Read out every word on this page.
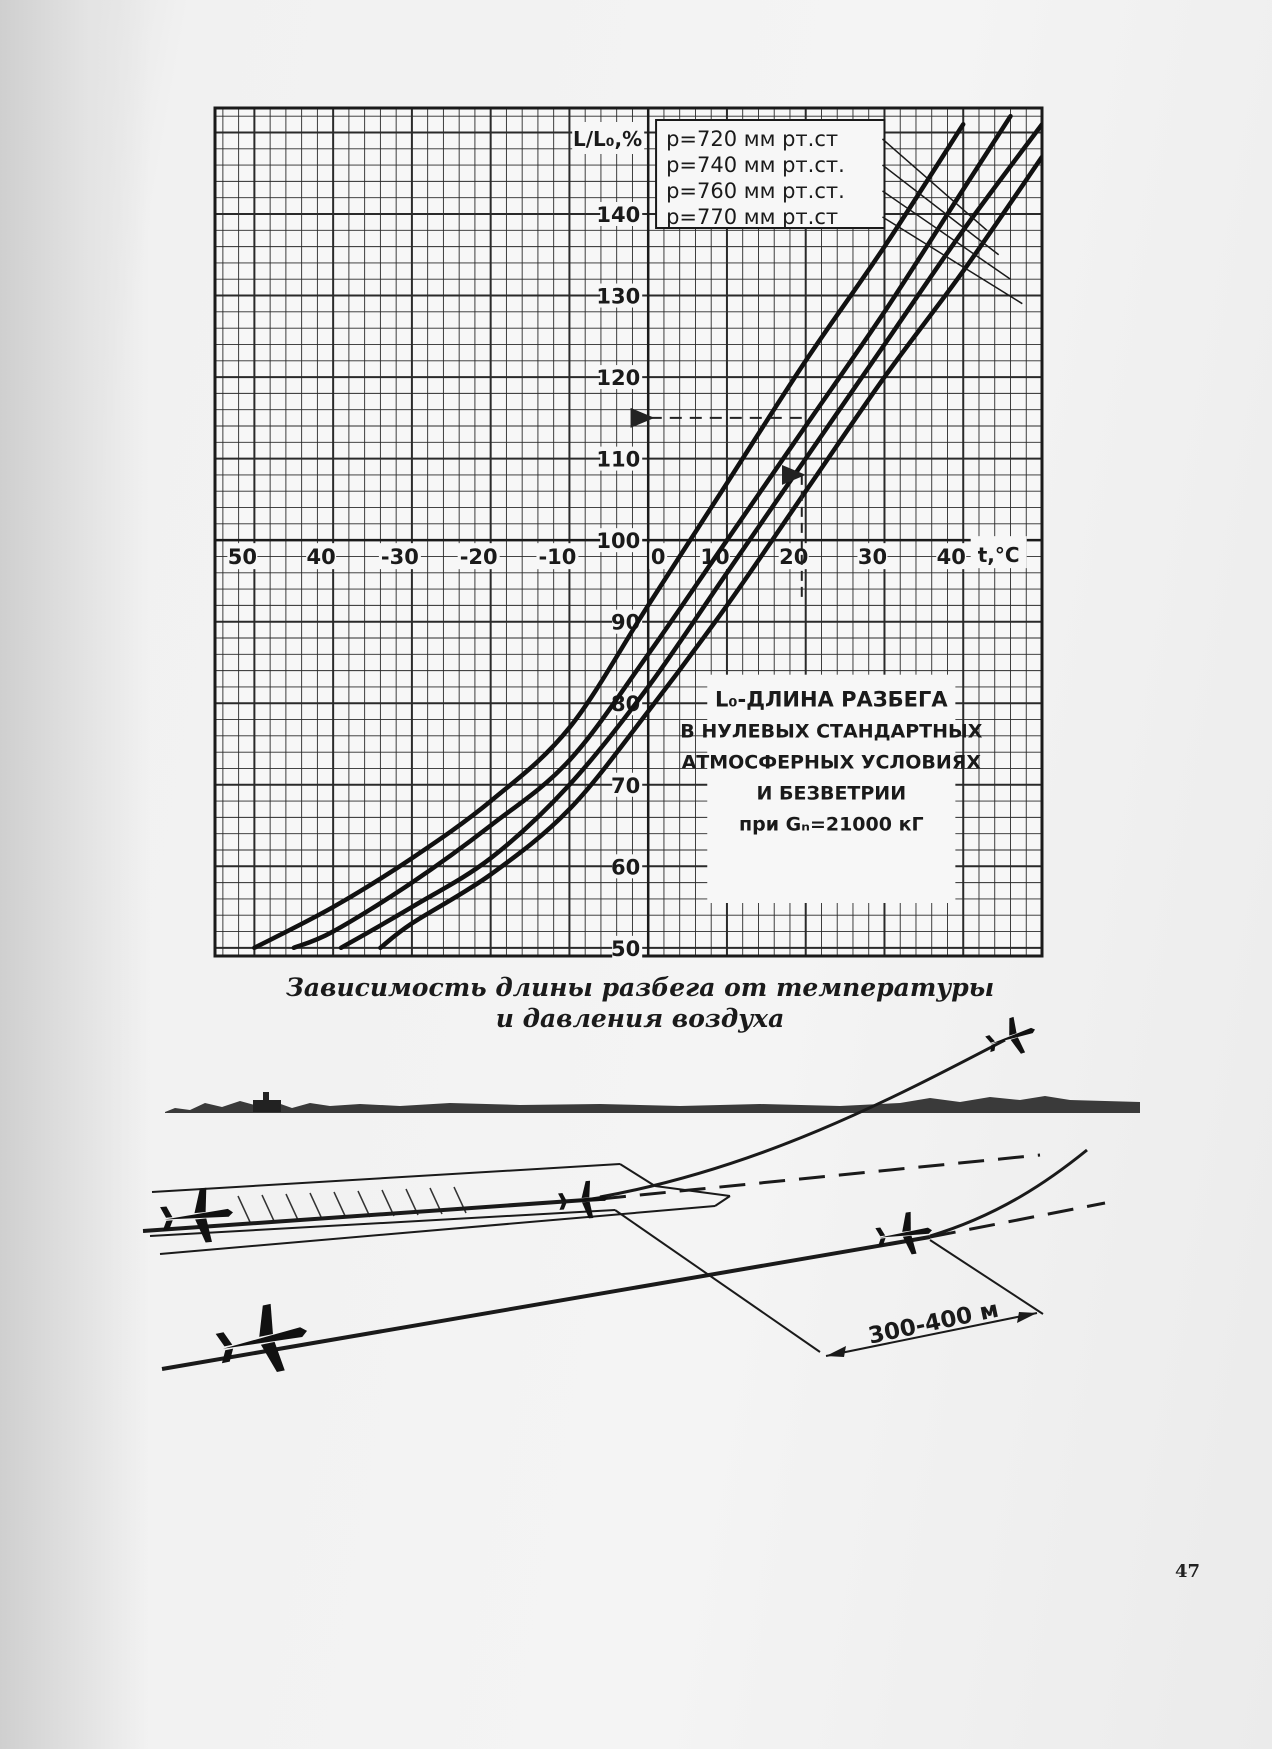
50 40 -30 -20 -10	0 10 20 30 40
50
60
70
80
90
100
110
120
130
140
L/L₀,%
t,°C
p=720 мм рт.ст
p=740 мм рт.ст.
p=760 мм рт.ст.
p=770 мм рт.ст
L₀-ДЛИНА РАЗБЕГА
В НУЛЕВЫХ СТАНДАРТНЫХ
АТМОСФЕРНЫХ УСЛОВИЯХ
И БЕЗВЕТРИИ
при Gₙ=21000 кГ
300-400 м
Зависимость длины разбега от температуры
и давления воздуха
47
